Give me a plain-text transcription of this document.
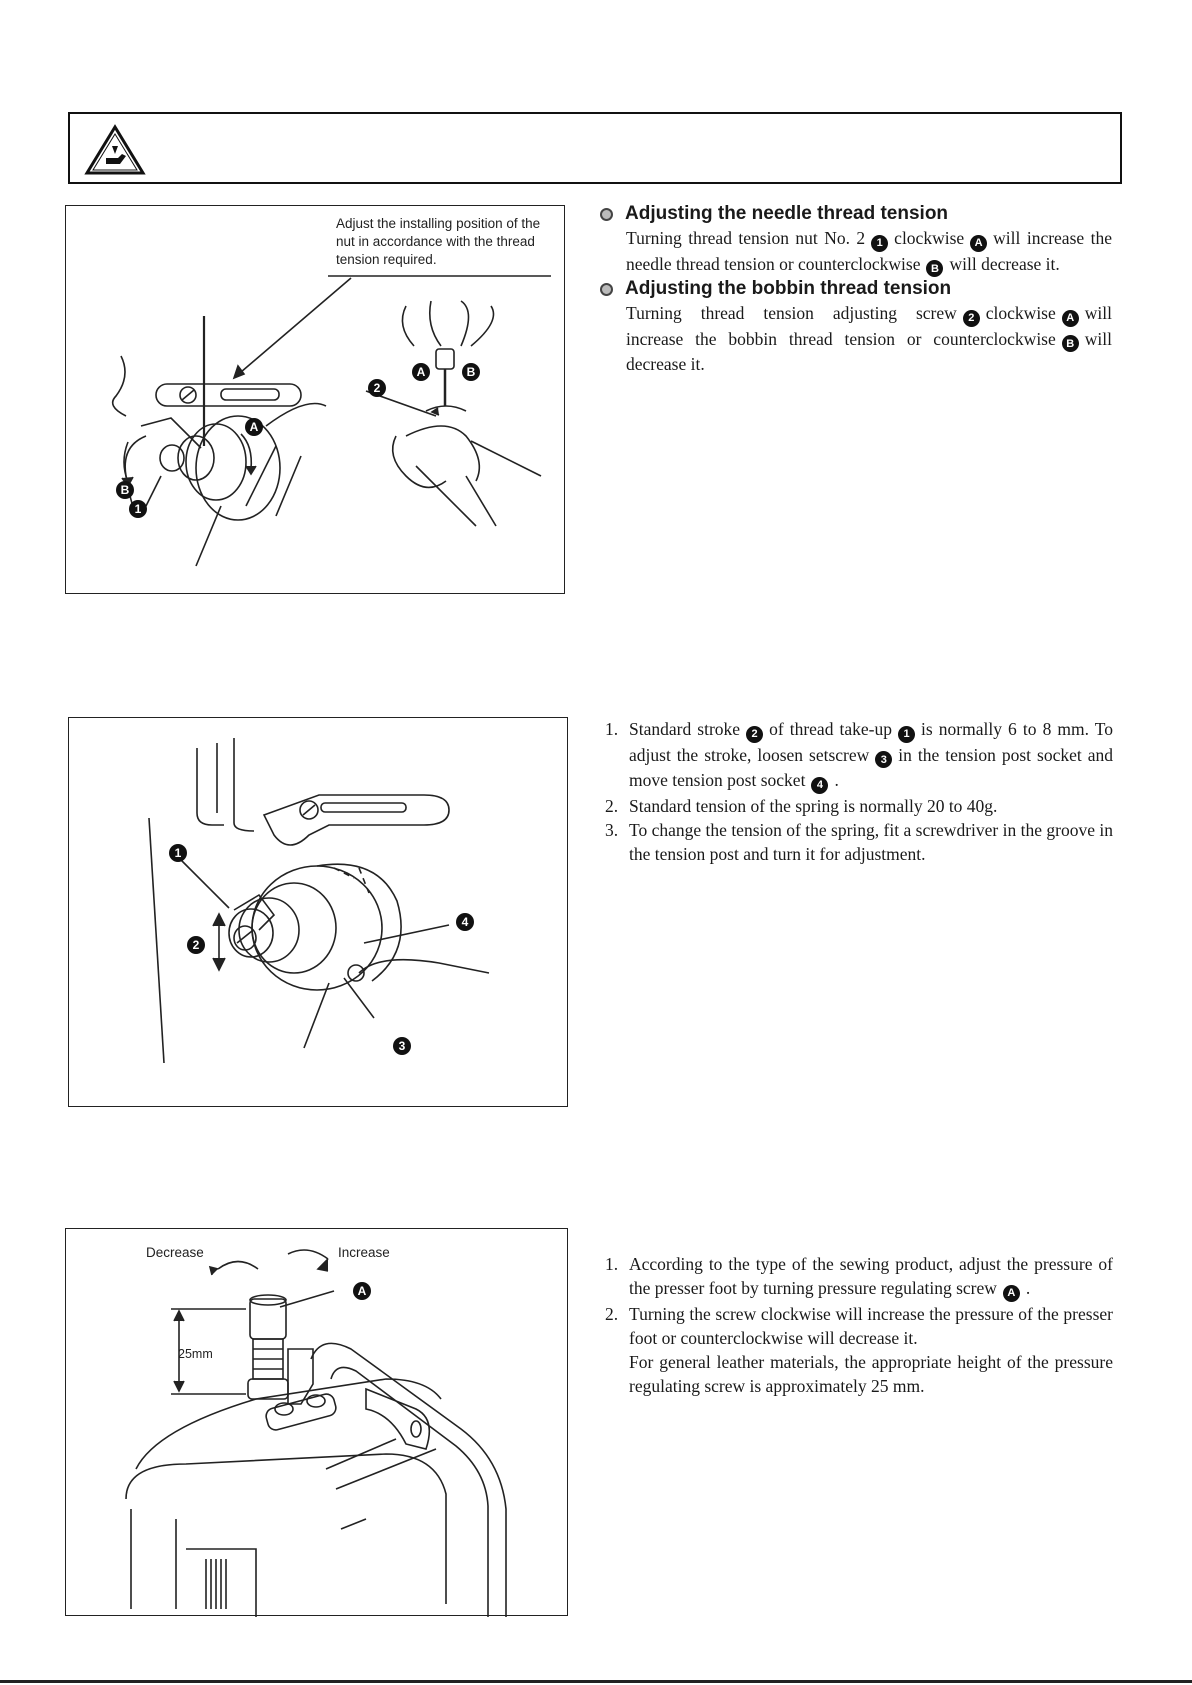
A
B
1
2
A	B
Adjust the installing position of the nut in accordance with the thread tension required.
Adjusting the needle thread tension
Turning thread tension nut No. 2 1 clockwise A will increase the needle thread tension or counterclockwise B will decrease it.
Adjusting the bobbin thread tension
Turning thread tension adjusting screw 2 clockwise A will increase the bobbin thread tension or counterclockwise B will decrease it.
1
2
4
3
1. Standard stroke 2 of thread take-up 1 is normally 6 to 8 mm. To adjust the stroke, loosen setscrew 3 in the tension post socket and move tension post socket 4 .
2. Standard tension of the spring is normally 20 to 40g.
3. To change the tension of the spring, fit a screwdriver in the groove in the tension post and turn it for adjustment.
A
Decrease	Increase
25mm
1. According to the type of the sewing product, adjust the pressure of the presser foot by turning pressure regulating screw A .
2. Turning the screw clockwise will increase the pressure of the presser foot or counterclockwise will decrease it.
For general leather materials, the appropriate height of the pressure regulating screw is approximately 25 mm.
